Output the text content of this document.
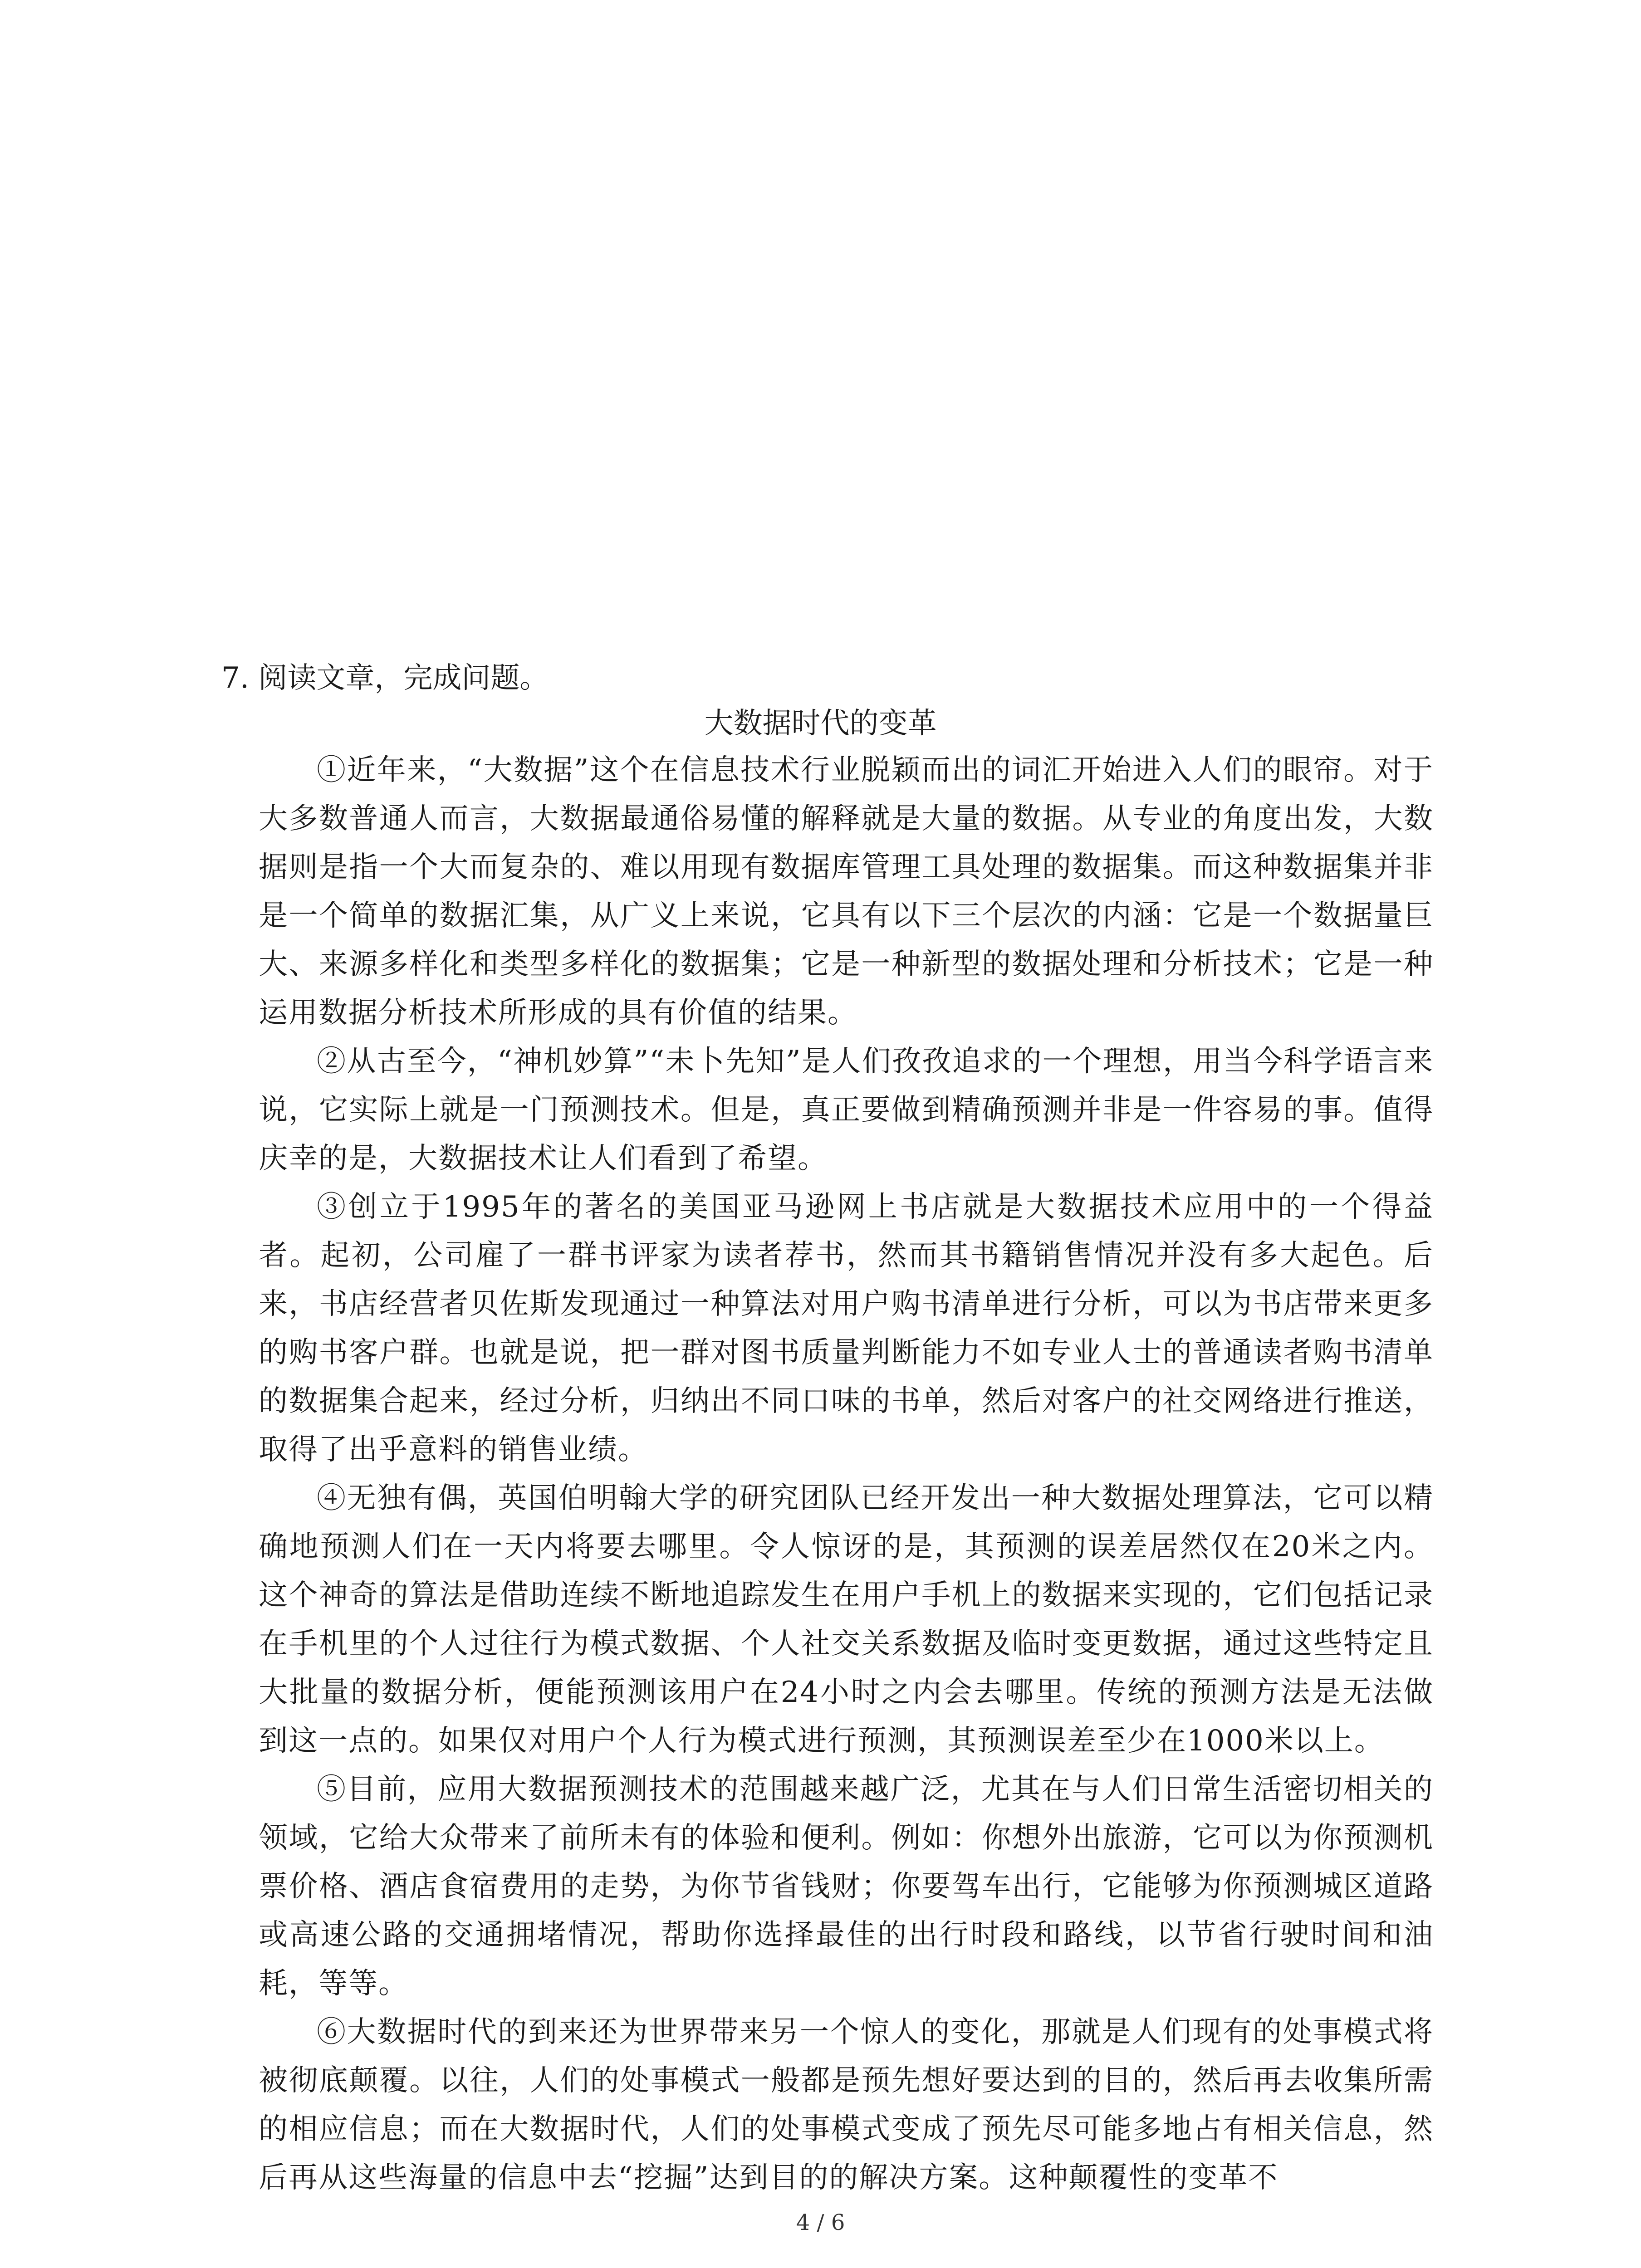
7. 阅读文章，完成问题。
大数据时代的变革

①近年来，“大数据”这个在信息技术行业脱颖而出的词汇开始进入人们的眼帘。对于大多数普通人而言，大数据最通俗易懂的解释就是大量的数据。从专业的角度出发，大数据则是指一个大而复杂的、难以用现有数据库管理工具处理的数据集。而这种数据集并非是一个简单的数据汇集，从广义上来说，它具有以下三个层次的内涵：它是一个数据量巨大、来源多样化和类型多样化的数据集；它是一种新型的数据处理和分析技术；它是一种运用数据分析技术所形成的具有价值的结果。

②从古至今，“神机妙算”“未卜先知”是人们孜孜追求的一个理想，用当今科学语言来说，它实际上就是一门预测技术。但是，真正要做到精确预测并非是一件容易的事。值得庆幸的是，大数据技术让人们看到了希望。

③创立于1995年的著名的美国亚马逊网上书店就是大数据技术应用中的一个得益者。起初，公司雇了一群书评家为读者荐书，然而其书籍销售情况并没有多大起色。后来，书店经营者贝佐斯发现通过一种算法对用户购书清单进行分析，可以为书店带来更多的购书客户群。也就是说，把一群对图书质量判断能力不如专业人士的普通读者购书清单的数据集合起来，经过分析，归纳出不同口味的书单，然后对客户的社交网络进行推送，取得了出乎意料的销售业绩。

④无独有偶，英国伯明翰大学的研究团队已经开发出一种大数据处理算法，它可以精确地预测人们在一天内将要去哪里。令人惊讶的是，其预测的误差居然仅在20米之内。这个神奇的算法是借助连续不断地追踪发生在用户手机上的数据来实现的，它们包括记录在手机里的个人过往行为模式数据、个人社交关系数据及临时变更数据，通过这些特定且大批量的数据分析，便能预测该用户在24小时之内会去哪里。传统的预测方法是无法做到这一点的。如果仅对用户个人行为模式进行预测，其预测误差至少在1000米以上。

⑤目前，应用大数据预测技术的范围越来越广泛，尤其在与人们日常生活密切相关的领域，它给大众带来了前所未有的体验和便利。例如：你想外出旅游，它可以为你预测机票价格、酒店食宿费用的走势，为你节省钱财；你要驾车出行，它能够为你预测城区道路或高速公路的交通拥堵情况，帮助你选择最佳的出行时段和路线，以节省行驶时间和油耗，等等。

⑥大数据时代的到来还为世界带来另一个惊人的变化，那就是人们现有的处事模式将被彻底颠覆。以往，人们的处事模式一般都是预先想好要达到的目的，然后再去收集所需的相应信息；而在大数据时代，人们的处事模式变成了预先尽可能多地占有相关信息，然后再从这些海量的信息中去“挖掘”达到目的的解决方案。这种颠覆性的变革不

4 / 6
